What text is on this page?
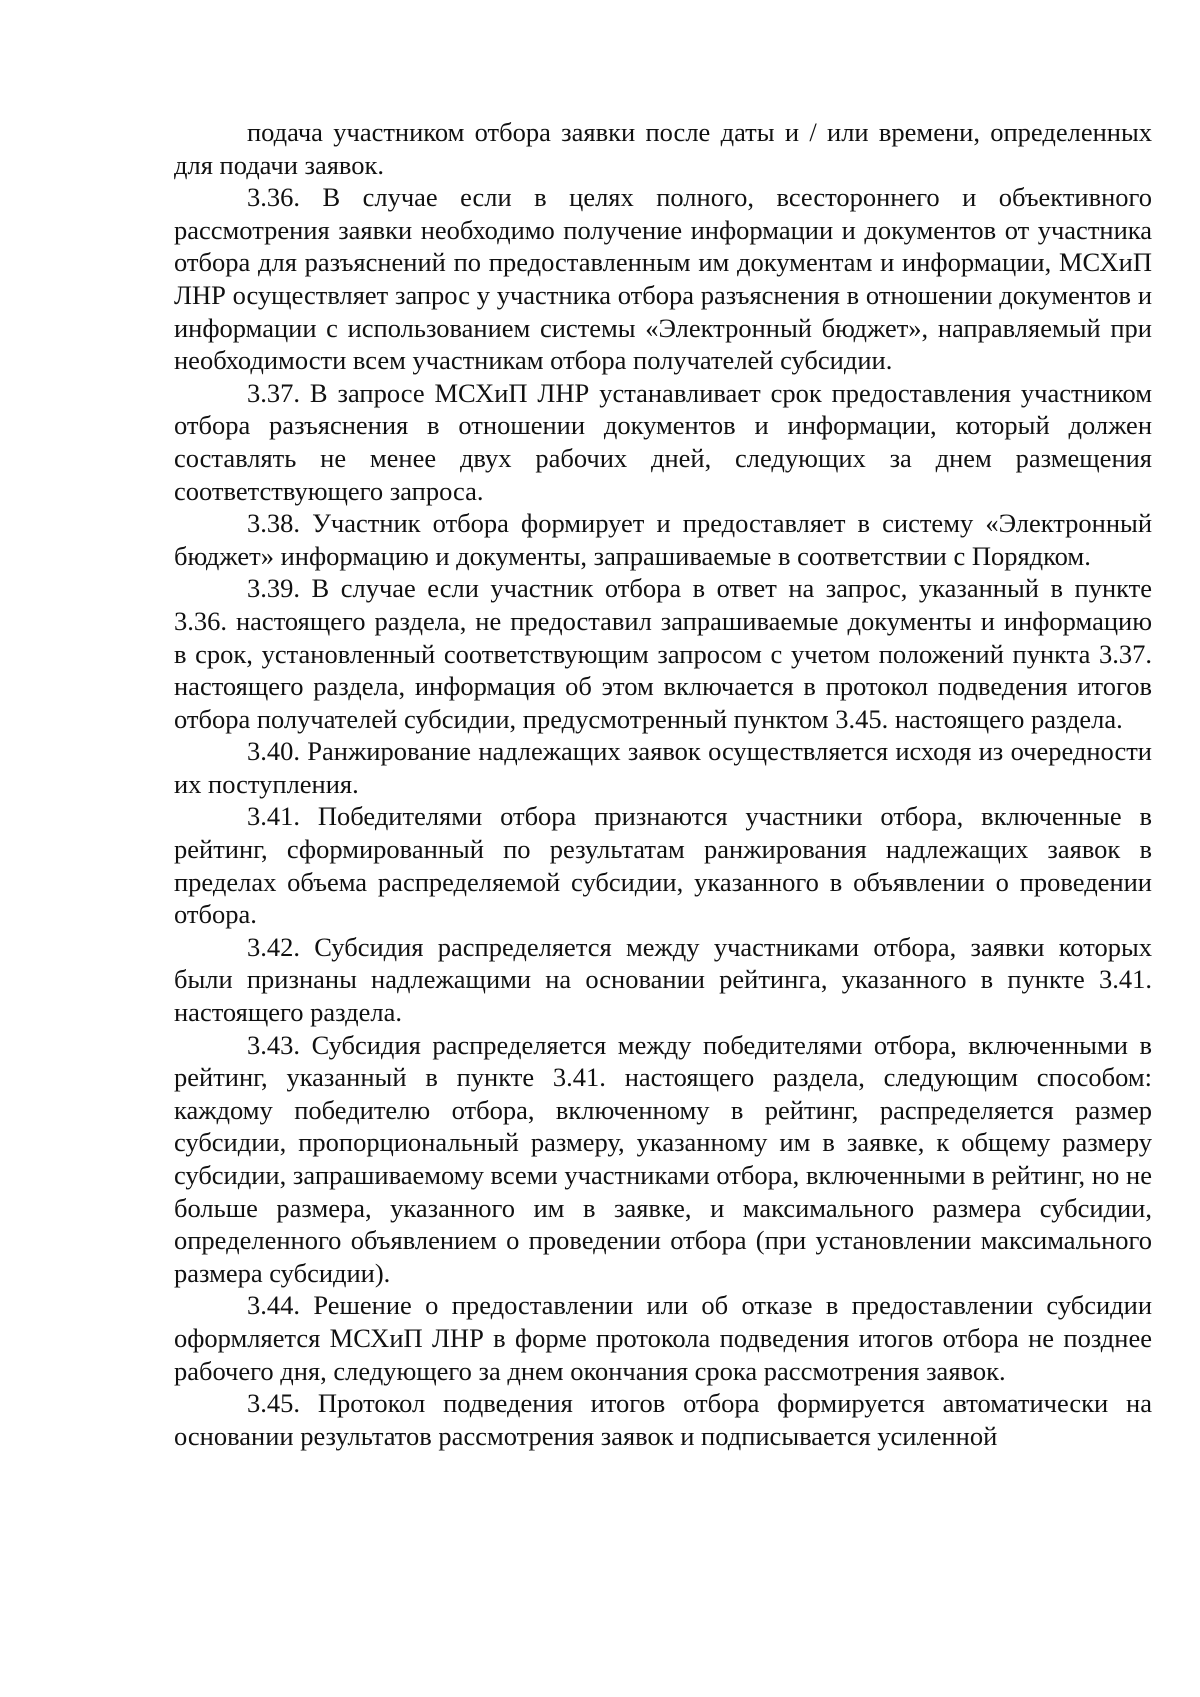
подача участником отбора заявки после даты и / или времени, определенных для подачи заявок.

3.36. В случае если в целях полного, всестороннего и объективного рассмотрения заявки необходимо получение информации и документов от участника отбора для разъяснений по предоставленным им документам и информации, МСХиП ЛНР осуществляет запрос у участника отбора разъяснения в отношении документов и информации с использованием системы «Электронный бюджет», направляемый при необходимости всем участникам отбора получателей субсидии.

3.37. В запросе МСХиП ЛНР устанавливает срок предоставления участником отбора разъяснения в отношении документов и информации, который должен составлять не менее двух рабочих дней, следующих за днем размещения соответствующего запроса.

3.38. Участник отбора формирует и предоставляет в систему «Электронный бюджет» информацию и документы, запрашиваемые в соответствии с Порядком.

3.39. В случае если участник отбора в ответ на запрос, указанный в пункте 3.36. настоящего раздела, не предоставил запрашиваемые документы и информацию в срок, установленный соответствующим запросом с учетом положений пункта 3.37. настоящего раздела, информация об этом включается в протокол подведения итогов отбора получателей субсидии, предусмотренный пунктом 3.45. настоящего раздела.

3.40. Ранжирование надлежащих заявок осуществляется исходя из очередности их поступления.

3.41. Победителями отбора признаются участники отбора, включенные в рейтинг, сформированный по результатам ранжирования надлежащих заявок в пределах объема распределяемой субсидии, указанного в объявлении о проведении отбора.

3.42. Субсидия распределяется между участниками отбора, заявки которых были признаны надлежащими на основании рейтинга, указанного в пункте 3.41. настоящего раздела.

3.43. Субсидия распределяется между победителями отбора, включенными в рейтинг, указанный в пункте 3.41. настоящего раздела, следующим способом: каждому победителю отбора, включенному в рейтинг, распределяется размер субсидии, пропорциональный размеру, указанному им в заявке, к общему размеру субсидии, запрашиваемому всеми участниками отбора, включенными в рейтинг, но не больше размера, указанного им в заявке, и максимального размера субсидии, определенного объявлением о проведении отбора (при установлении максимального размера субсидии).

3.44. Решение о предоставлении или об отказе в предоставлении субсидии оформляется МСХиП ЛНР в форме протокола подведения итогов отбора не позднее рабочего дня, следующего за днем окончания срока рассмотрения заявок.

3.45. Протокол подведения итогов отбора формируется автоматически на основании результатов рассмотрения заявок и подписывается усиленной
